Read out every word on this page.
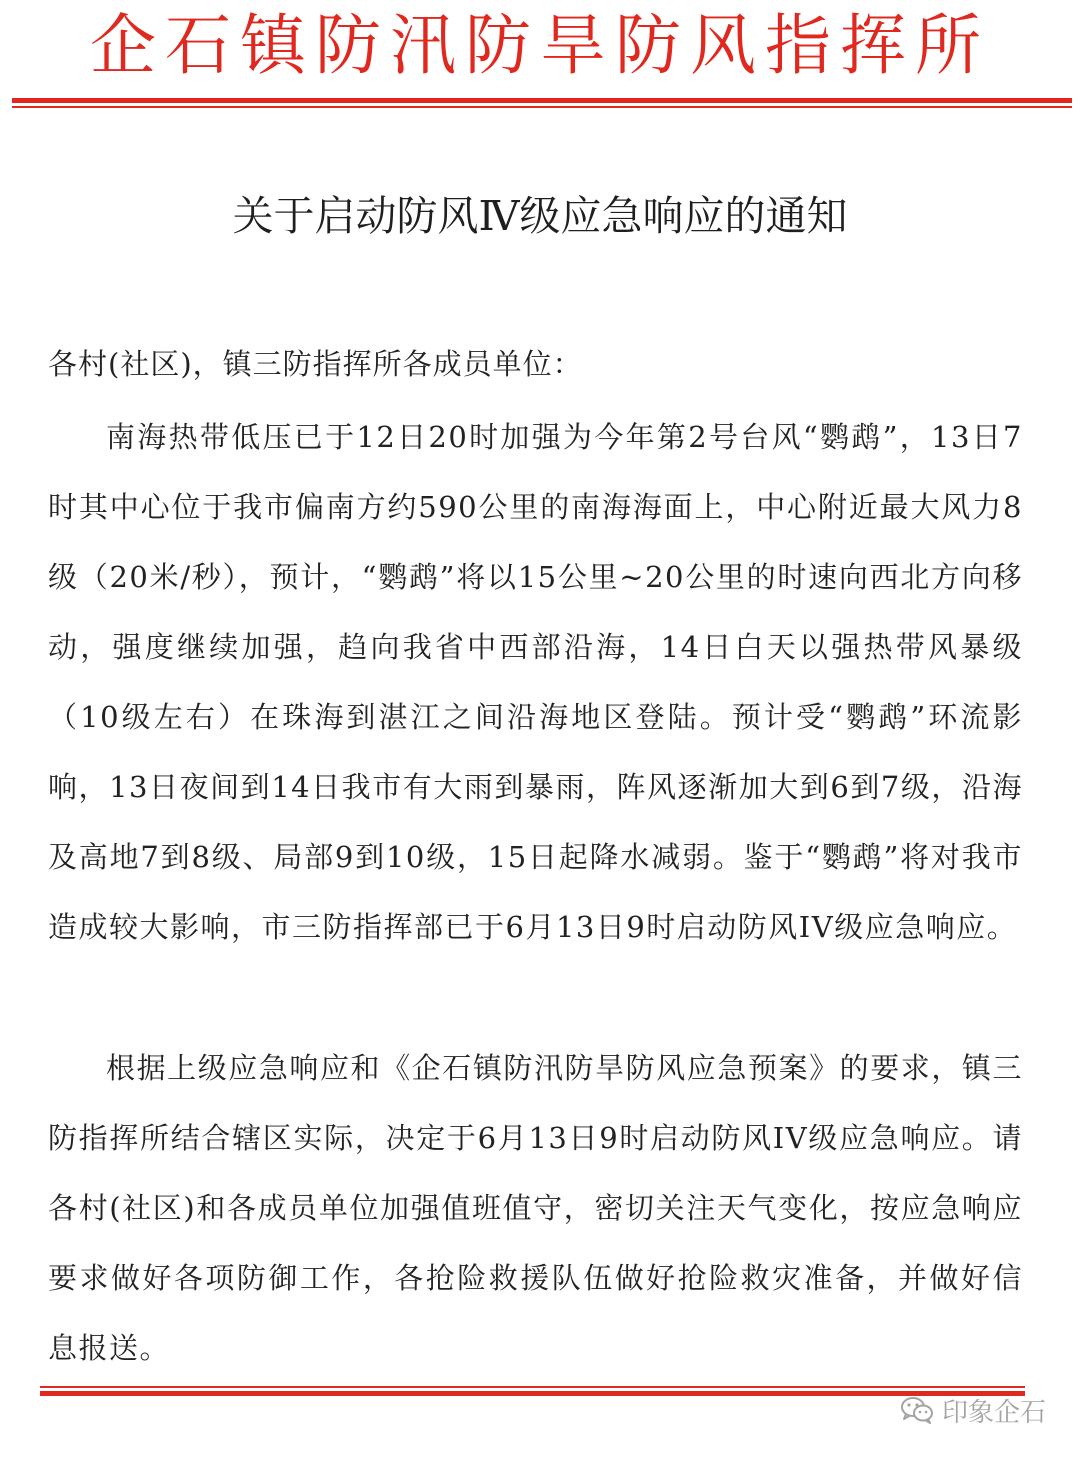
企石镇防汛防旱防风指挥所
关于启动防风Ⅳ级应急响应的通知
各村(社区)，镇三防指挥所各成员单位：

南海热带低压已于12日20时加强为今年第2号台风“鹦鹉”，13日7时其中心位于我市偏南方约590公里的南海海面上，中心附近最大风力8级（20米/秒），预计，“鹦鹉”将以15公里~20公里的时速向西北方向移动，强度继续加强，趋向我省中西部沿海，14日白天以强热带风暴级（10级左右）在珠海到湛江之间沿海地区登陆。预计受“鹦鹉”环流影响，13日夜间到14日我市有大雨到暴雨，阵风逐渐加大到6到7级，沿海及高地7到8级、局部9到10级，15日起降水减弱。鉴于“鹦鹉”将对我市造成较大影响，市三防指挥部已于6月13日9时启动防风IV级应急响应。

根据上级应急响应和《企石镇防汛防旱防风应急预案》的要求，镇三防指挥所结合辖区实际，决定于6月13日9时启动防风IV级应急响应。请各村(社区)和各成员单位加强值班值守，密切关注天气变化，按应急响应要求做好各项防御工作，各抢险救援队伍做好抢险救灾准备，并做好信息报送。

印象企石
